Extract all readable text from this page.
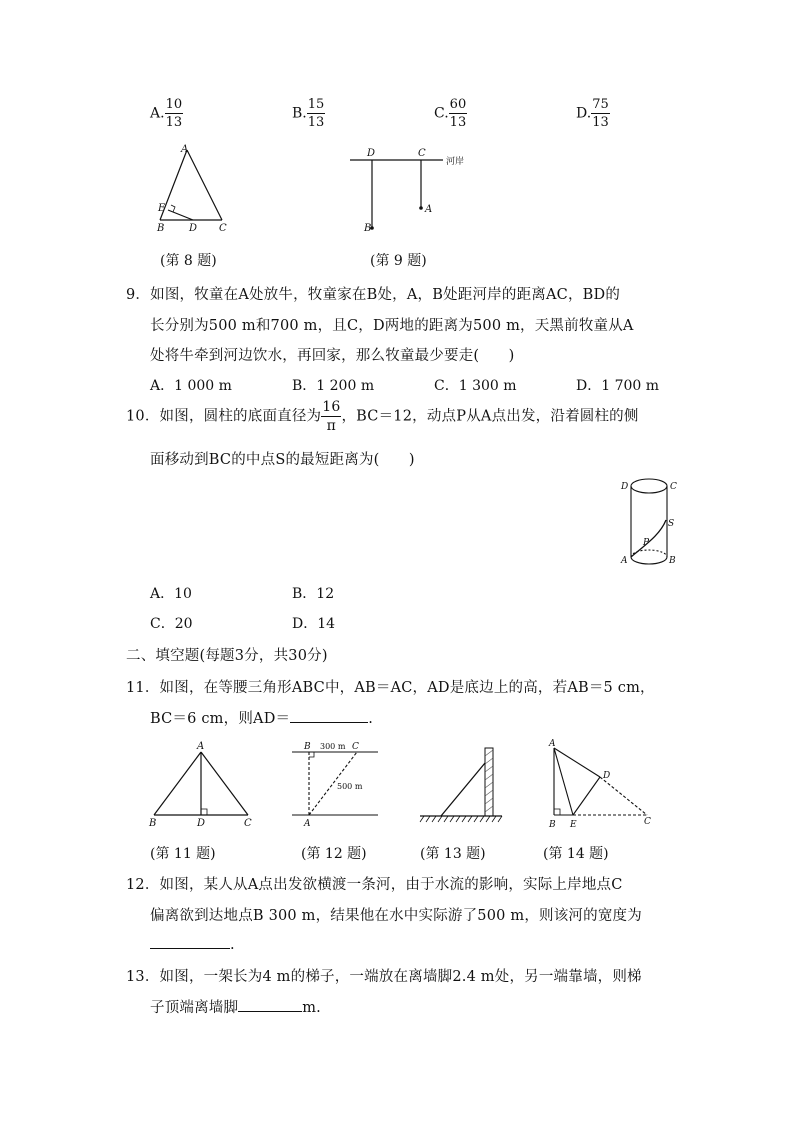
A. $\frac{10}{13}$	B. $\frac{15}{13}$	C. $\frac{60}{13}$	D. $\frac{75}{13}$
A
E
B D C
D	C
河岸
A
B
D	C
S
P
A	B
A
B	D	C
B 300 m C
500 m
A
A
D
B E	C
(第 8 题)	(第 9 题)
9．如图，牧童在A处放牛，牧童家在B处，A，B处距河岸的距离AC，BD的
长分别为500 m和700 m，且C，D两地的距离为500 m，天黑前牧童从A
处将牛牵到河边饮水，再回家，那么牧童最少要走(　　)
A．1 000 m	B．1 200 m	C．1 300 m	D．1 700 m
10．如图，圆柱的底面直径为 $\frac{16}{\pi}$ ，BC＝12，动点P从A点出发，沿着圆柱的侧
面移动到BC的中点S的最短距离为(　　)
A．10	B．12
C．20	D．14
二、填空题(每题3分，共30分)
11．如图，在等腰三角形ABC中，AB＝AC，AD是底边上的高，若AB＝5 cm，
BC＝6 cm，则AD＝	.
(第 11 题)	(第 12 题)	(第 13 题)	(第 14 题)
12．如图，某人从A点出发欲横渡一条河，由于水流的影响，实际上岸地点C
偏离欲到达地点B 300 m，结果他在水中实际游了500 m，则该河的宽度为
.
13．如图，一架长为4 m的梯子，一端放在离墙脚2.4 m处，另一端靠墙，则梯
子顶端离墙脚	m.
